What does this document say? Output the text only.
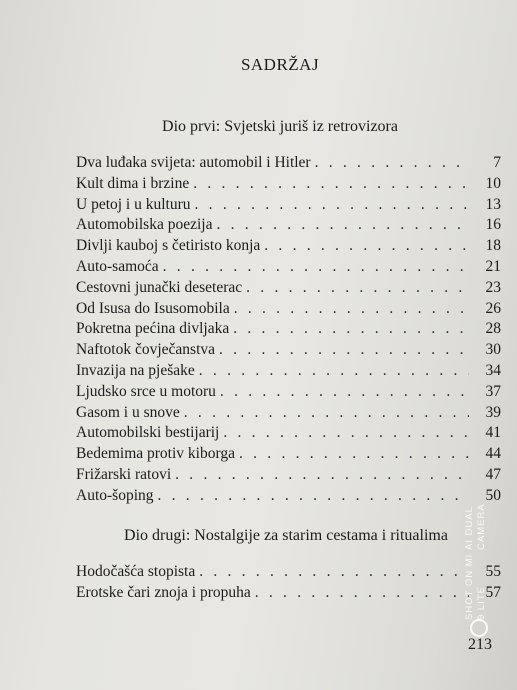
SADRŽAJ
Dio prvi: Svjetski juriš iz retrovizora
Dva luđaka svijeta: automobil i Hitler . . .	7
Kult dima i brzine . . .	10
U petoj i u kulturu . . .	13
Automobilska poezija . . .	16
Divlji kauboj s četiristo konja . . .	18
Auto-samoća . . .	21
Cestovni junački deseterac . . .	23
Od Isusa do Isusomobila . . .	26
Pokretna pećina divljaka . . .	28
Naftotok čovječanstva . . .	30
Invazija na pješake . . .	34
Ljudsko srce u motoru . . .	37
Gasom i u snove . . .	39
Automobilski bestijarij . . .	41
Bedemima protiv kiborga . . .	44
Frižarski ratovi . . .	47
Auto-šoping . . .	50
Dio drugi: Nostalgije za starim cestama i ritualima
Hodočašća stopista . . .	55
Erotske čari znoja i propuha . . .	57
213
SHOT ON MI 9 LITE
AI DUAL CAMERA
